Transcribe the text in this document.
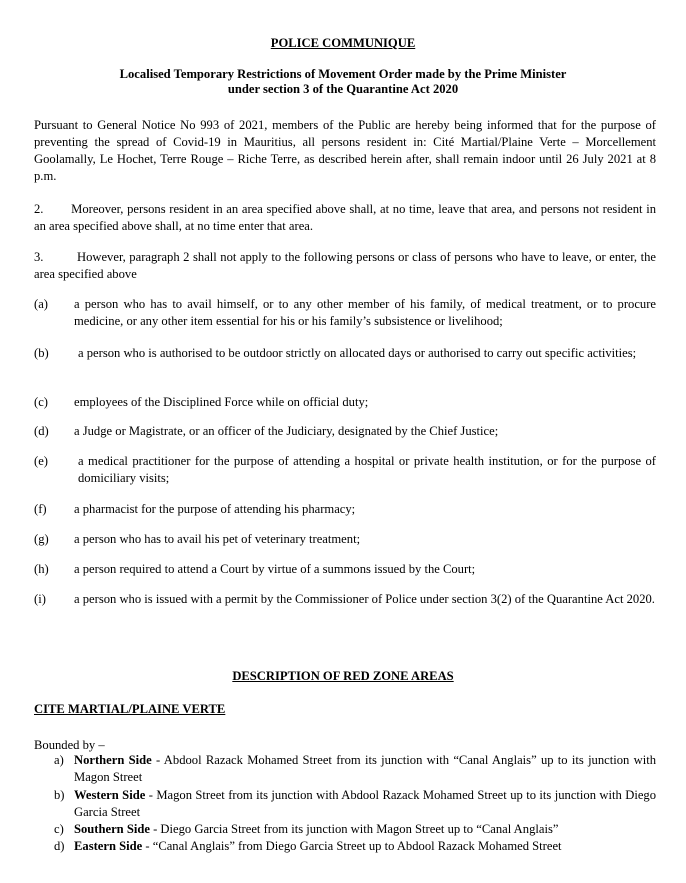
POLICE COMMUNIQUE
Localised Temporary Restrictions of Movement Order made by the Prime Minister
under section 3 of the Quarantine Act 2020
Pursuant to General Notice No 993 of 2021, members of the Public are hereby being informed that for the purpose of preventing the spread of Covid-19 in Mauritius, all persons resident in: Cité Martial/Plaine Verte – Morcellement Goolamally, Le Hochet, Terre Rouge – Riche Terre, as described herein after, shall remain indoor until 26 July 2021 at 8 p.m.
2. Moreover, persons resident in an area specified above shall, at no time, leave that area, and persons not resident in an area specified above shall, at no time enter that area.
3.	However, paragraph 2 shall not apply to the following persons or class of persons who have to leave, or enter, the area specified above
(a) a person who has to avail himself, or to any other member of his family, of medical treatment, or to procure medicine, or any other item essential for his or his family’s subsistence or livelihood;
(b) a person who is authorised to be outdoor strictly on allocated days or authorised to carry out specific activities;
(c) employees of the Disciplined Force while on official duty;
(d) a Judge or Magistrate, or an officer of the Judiciary, designated by the Chief Justice;
(e) a medical practitioner for the purpose of attending a hospital or private health institution, or for the purpose of domiciliary visits;
(f) a pharmacist for the purpose of attending his pharmacy;
(g) a person who has to avail his pet of veterinary treatment;
(h) a person required to attend a Court by virtue of a summons issued by the Court;
(i) a person who is issued with a permit by the Commissioner of Police under section 3(2) of the Quarantine Act 2020.
DESCRIPTION OF RED ZONE AREAS
CITE MARTIAL/PLAINE VERTE
Bounded by –
a) Northern Side - Abdool Razack Mohamed Street from its junction with “Canal Anglais” up to its junction with Magon Street
b) Western Side - Magon Street from its junction with Abdool Razack Mohamed Street up to its junction with Diego Garcia Street
c) Southern Side - Diego Garcia Street from its junction with Magon Street up to “Canal Anglais”
d) Eastern Side - “Canal Anglais” from Diego Garcia Street up to Abdool Razack Mohamed Street
